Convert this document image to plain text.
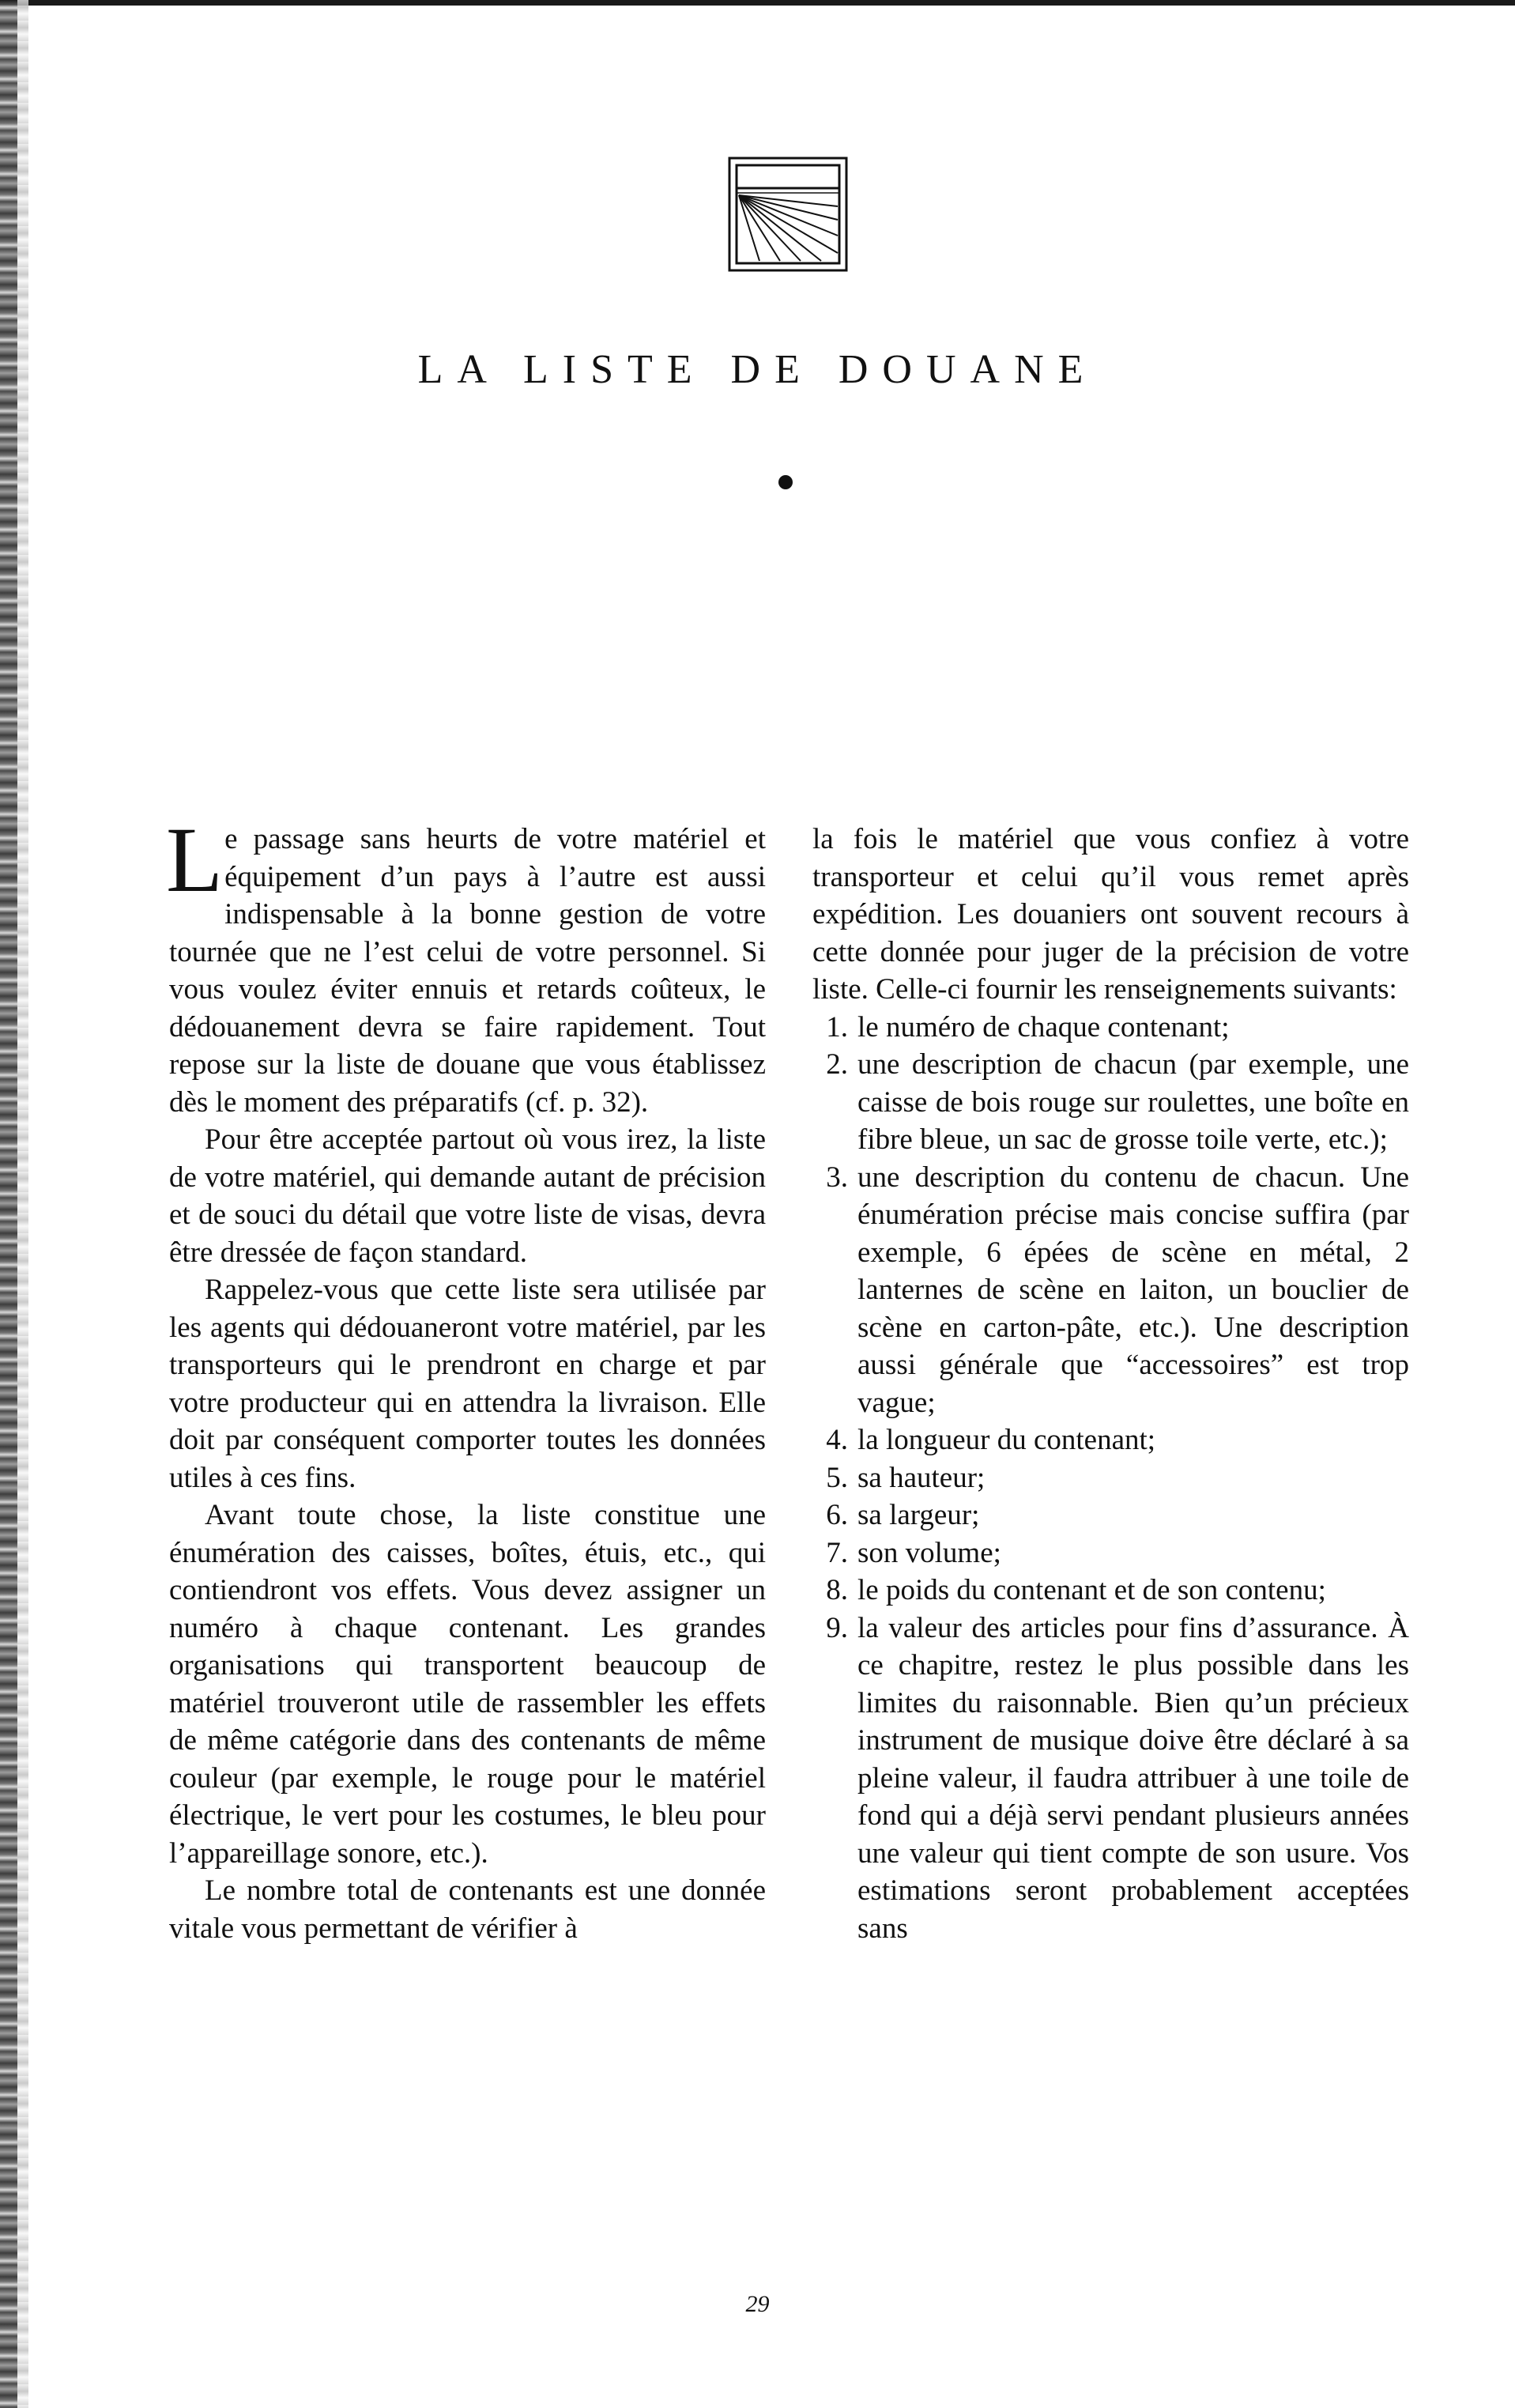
LA LISTE DE DOUANE

Le passage sans heurts de votre matériel et équipement d’un pays à l’autre est aussi indispensable à la bonne gestion de votre tournée que ne l’est celui de votre personnel. Si vous voulez éviter ennuis et retards coûteux, le dédouanement devra se faire rapidement. Tout repose sur la liste de douane que vous établissez dès le moment des préparatifs (cf. p. 32).

Pour être acceptée partout où vous irez, la liste de votre matériel, qui demande autant de précision et de souci du détail que votre liste de visas, devra être dressée de façon standard.

Rappelez-vous que cette liste sera utilisée par les agents qui dédouaneront votre matériel, par les transporteurs qui le prendront en charge et par votre producteur qui en attendra la livraison. Elle doit par conséquent comporter toutes les données utiles à ces fins.

Avant toute chose, la liste constitue une énumération des caisses, boîtes, étuis, etc., qui contiendront vos effets. Vous devez assigner un numéro à chaque contenant. Les grandes organisations qui transportent beaucoup de matériel trouveront utile de rassembler les effets de même catégorie dans des contenants de même couleur (par exemple, le rouge pour le matériel électrique, le vert pour les costumes, le bleu pour l’appareillage sonore, etc.).

Le nombre total de contenants est une donnée vitale vous permettant de vérifier à

la fois le matériel que vous confiez à votre transporteur et celui qu’il vous remet après expédition. Les douaniers ont souvent recours à cette donnée pour juger de la précision de votre liste. Celle-ci fournir les renseignements suivants:

1. le numéro de chaque contenant;
2. une description de chacun (par exemple, une caisse de bois rouge sur roulettes, une boîte en fibre bleue, un sac de grosse toile verte, etc.);
3. une description du contenu de chacun. Une énumération précise mais concise suffira (par exemple, 6 épées de scène en métal, 2 lanternes de scène en laiton, un bouclier de scène en carton-pâte, etc.). Une description aussi générale que “accessoires” est trop vague;
4. la longueur du contenant;
5. sa hauteur;
6. sa largeur;
7. son volume;
8. le poids du contenant et de son contenu;
9. la valeur des articles pour fins d’assurance. À ce chapitre, restez le plus possible dans les limites du raisonnable. Bien qu’un précieux instrument de musique doive être déclaré à sa pleine valeur, il faudra attribuer à une toile de fond qui a déjà servi pendant plusieurs années une valeur qui tient compte de son usure. Vos estimations seront probablement acceptées sans
29
